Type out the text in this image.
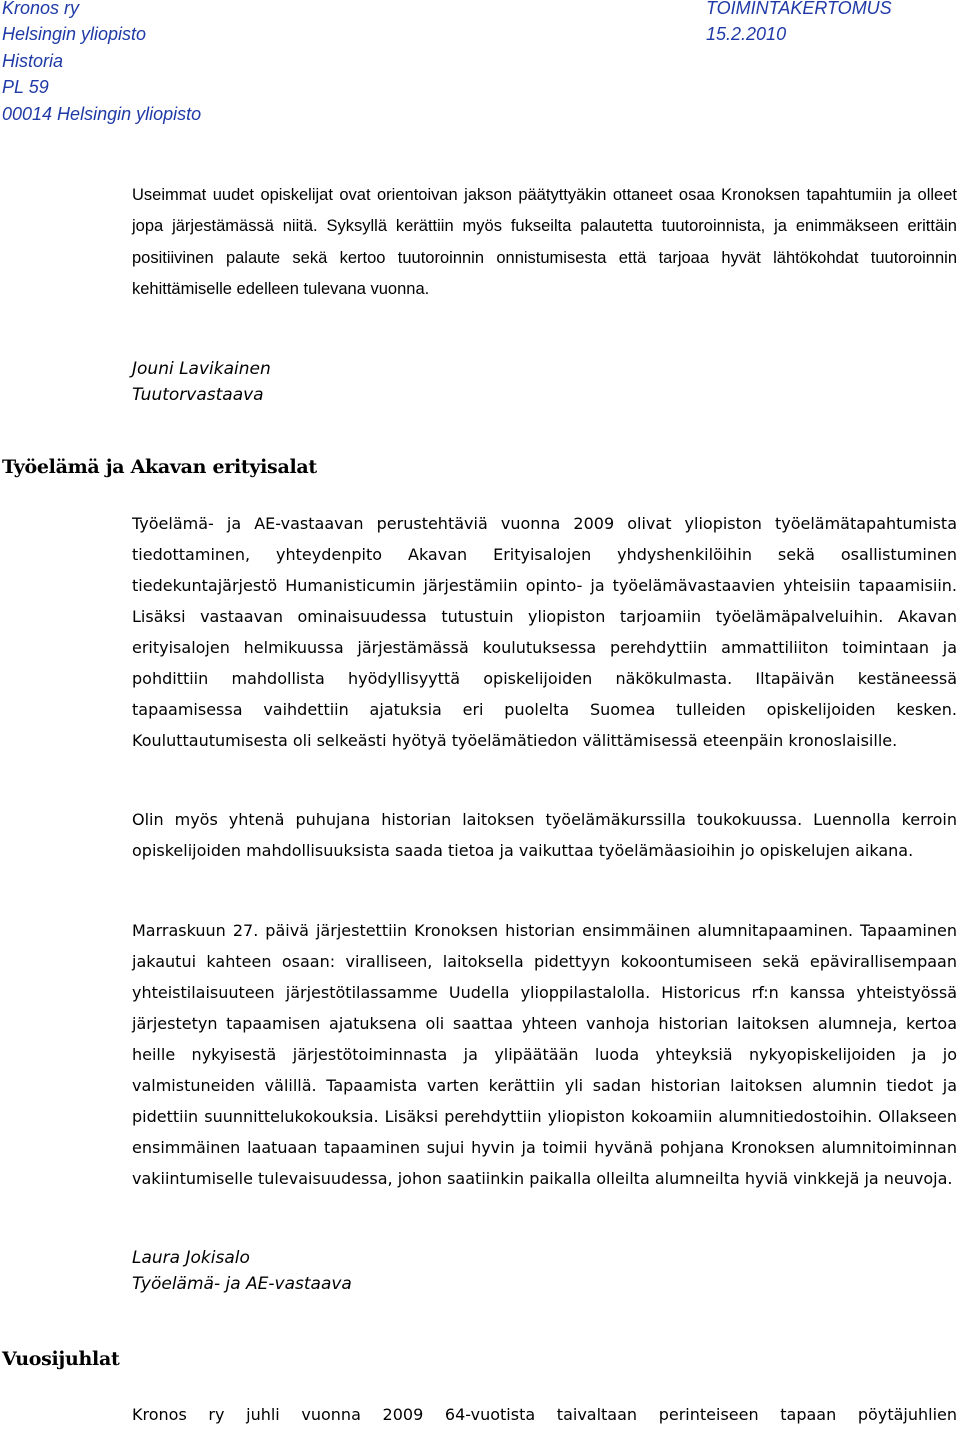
Kronos ry	TOIMINTAKERTOMUS
Helsingin yliopisto	15.2.2010
Historia
PL 59
00014 Helsingin yliopisto

Useimmat uudet opiskelijat ovat orientoivan jakson päätyttyäkin ottaneet osaa Kronoksen tapahtumiin ja olleet jopa järjestämässä niitä. Syksyllä kerättiin myös fukseilta palautetta tuutoroinnista, ja enimmäkseen erittäin positiivinen palaute sekä kertoo tuutoroinnin onnistumisesta että tarjoaa hyvät lähtökohdat tuutoroinnin kehittämiselle edelleen tulevana vuonna.

Jouni Lavikainen
Tuutorvastaava
Työelämä ja Akavan erityisalat

Työelämä- ja AE-vastaavan perustehtäviä vuonna 2009 olivat yliopiston työelämätapahtumista tiedottaminen, yhteydenpito Akavan Erityisalojen yhdyshenkilöihin sekä osallistuminen tiedekuntajärjestö Humanisticumin järjestämiin opinto- ja työelämävastaavien yhteisiin tapaamisiin. Lisäksi vastaavan ominaisuudessa tutustuin yliopiston tarjoamiin työelämäpalveluihin. Akavan erityisalojen helmikuussa järjestämässä koulutuksessa perehdyttiin ammattiliiton toimintaan ja pohdittiin mahdollista hyödyllisyyttä opiskelijoiden näkökulmasta. Iltapäivän kestäneessä tapaamisessa vaihdettiin ajatuksia eri puolelta Suomea tulleiden opiskelijoiden kesken. Kouluttautumisesta oli selkeästi hyötyä työelämätiedon välittämisessä eteenpäin kronoslaisille.

Olin myös yhtenä puhujana historian laitoksen työelämäkurssilla toukokuussa. Luennolla kerroin opiskelijoiden mahdollisuuksista saada tietoa ja vaikuttaa työelämäasioihin jo opiskelujen aikana.

Marraskuun 27. päivä järjestettiin Kronoksen historian ensimmäinen alumnitapaaminen. Tapaaminen jakautui kahteen osaan: viralliseen, laitoksella pidettyyn kokoontumiseen sekä epävirallisempaan yhteistilaisuuteen järjestötilassamme Uudella ylioppilastalolla. Historicus rf:n kanssa yhteistyössä järjestetyn tapaamisen ajatuksena oli saattaa yhteen vanhoja historian laitoksen alumneja, kertoa heille nykyisestä järjestötoiminnasta ja ylipäätään luoda yhteyksiä nykyopiskelijoiden ja jo valmistuneiden välillä. Tapaamista varten kerättiin yli sadan historian laitoksen alumnin tiedot ja pidettiin suunnittelukokouksia. Lisäksi perehdyttiin yliopiston kokoamiin alumnitiedostoihin. Ollakseen ensimmäinen laatuaan tapaaminen sujui hyvin ja toimii hyvänä pohjana Kronoksen alumnitoiminnan vakiintumiselle tulevaisuudessa, johon saatiinkin paikalla olleilta alumneilta hyviä vinkkejä ja neuvoja.

Laura Jokisalo
Työelämä- ja AE-vastaava
Vuosijuhlat

Kronos ry juhli vuonna 2009 64-vuotista taivaltaan perinteiseen tapaan pöytäjuhlien
